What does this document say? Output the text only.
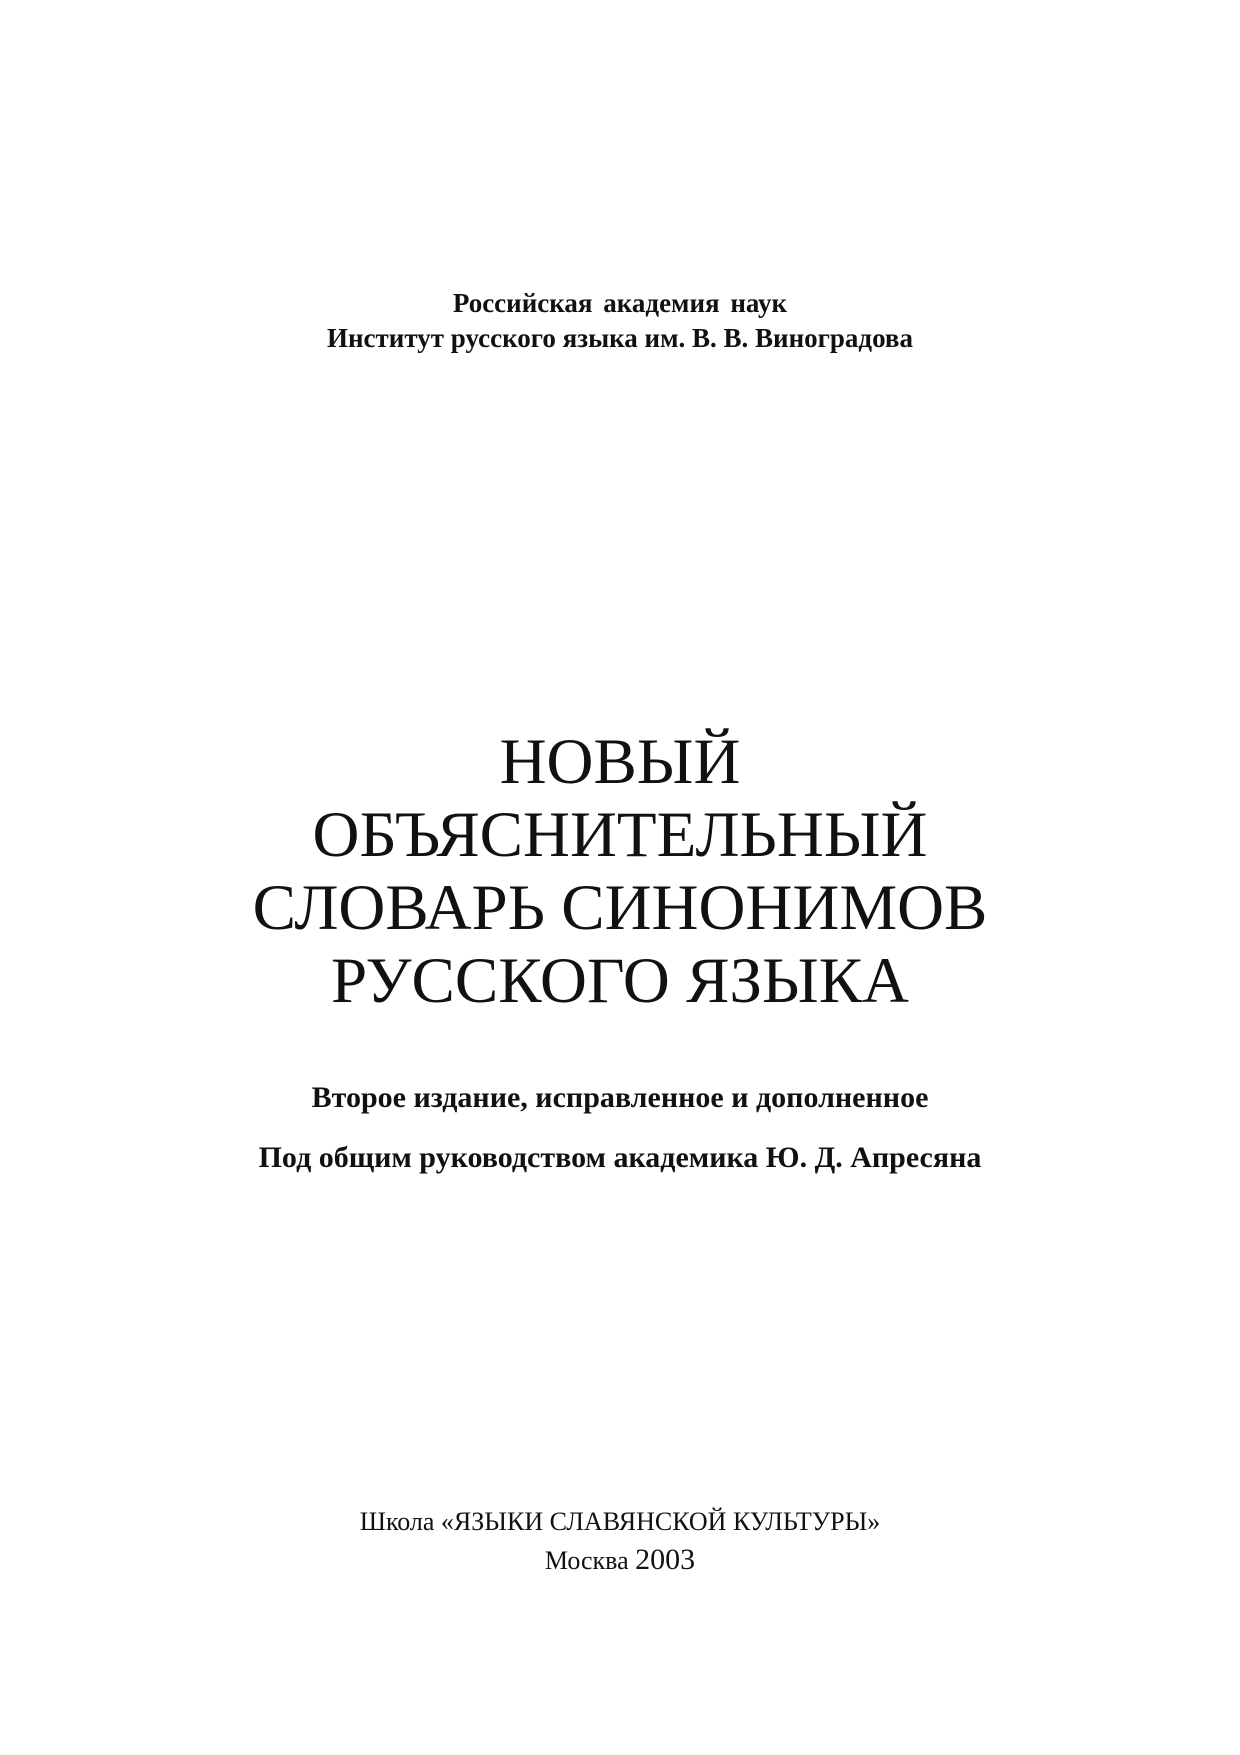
Российская академия наук
Институт русского языка им. В. В. Виноградова
НОВЫЙ
ОБЪЯСНИТЕЛЬНЫЙ
СЛОВАРЬ СИНОНИМОВ
РУССКОГО ЯЗЫКА
Второе издание, исправленное и дополненное
Под общим руководством академика Ю. Д. Апресяна
Школа «ЯЗЫКИ СЛАВЯНСКОЙ КУЛЬТУРЫ»
Москва 2003
